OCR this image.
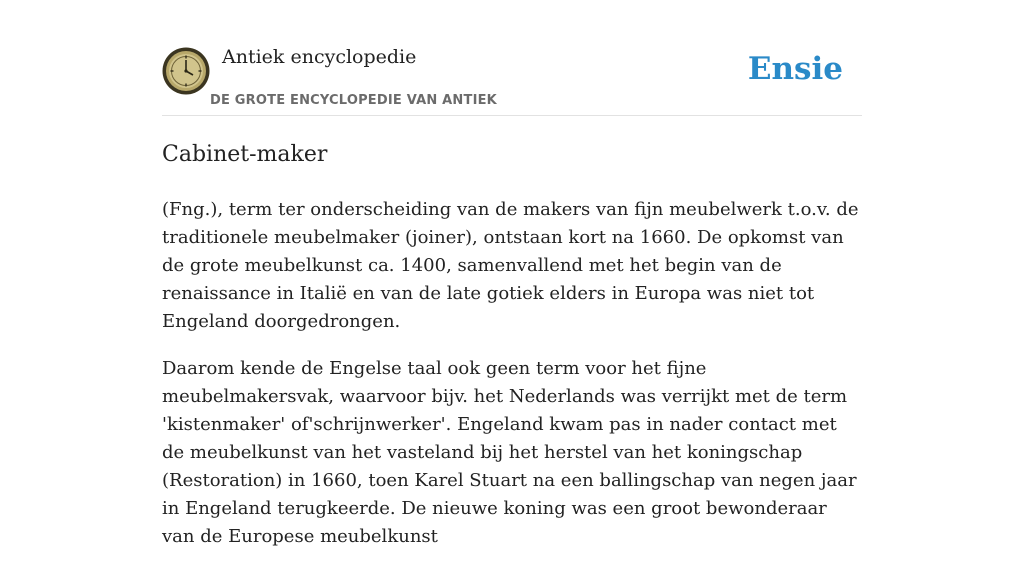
Antiek encyclopedie
DE GROTE ENCYCLOPEDIE VAN ANTIEK
Ensie
Cabinet-maker

(Fng.), term ter onderscheiding van de makers van fijn meubelwerk t.o.v. de traditionele meubelmaker (joiner), ontstaan kort na 1660. De opkomst van de grote meubelkunst ca. 1400, samenvallend met het begin van de renaissance in Italië en van de late gotiek elders in Europa was niet tot Engeland doorgedrongen.

Daarom kende de Engelse taal ook geen term voor het fijne meubelmakersvak, waarvoor bijv. het Nederlands was verrijkt met de term 'kistenmaker' of'schrijnwerker'. Engeland kwam pas in nader contact met de meubelkunst van het vasteland bij het herstel van het koningschap (Restoration) in 1660, toen Karel Stuart na een ballingschap van negen jaar in Engeland terugkeerde. De nieuwe koning was een groot bewonderaar van de Europese meubelkunst
